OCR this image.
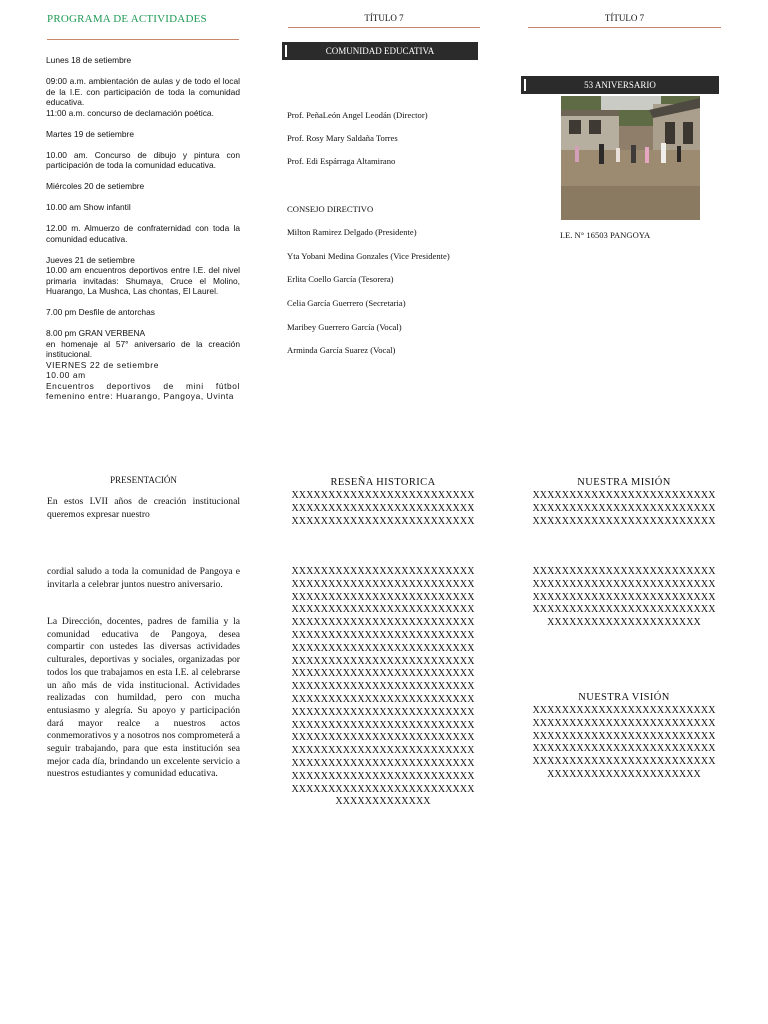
PROGRAMA DE ACTIVIDADES

Lunes 18 de setiembre

09:00 a.m. ambientación de aulas y de todo el local de la I.E. con participación de toda la comunidad educativa.

11:00 a.m. concurso de declamación poética.

Martes 19 de setiembre

10.00 am. Concurso de dibujo y pintura con participación de toda la comunidad educativa.

Miércoles 20 de setiembre

10.00 am Show infantil

12.00 m. Almuerzo de confraternidad con toda la comunidad educativa.

Jueves 21 de setiembre

10.00 am encuentros deportivos entre I.E. del nivel primaria invitadas: Shumaya, Cruce el Molino, Huarango, La Mushca, Las chontas, El Laurel.

7.00 pm Desfile de antorchas

8.00 pm GRAN VERBENA

en homenaje al 57° aniversario de la creación institucional.

VIERNES 22 de setiembre

10.00 am

Encuentros deportivos de mini fútbol femenino entre: Huarango, Pangoya, Uvinta

PRESENTACIÓN
En estos LVII años de creación institucional queremos expresar nuestro
cordial saludo a toda la comunidad de Pangoya e invitarla a celebrar juntos nuestro aniversario.
La Dirección, docentes, padres de familia y la comunidad educativa de Pangoya, desea compartir con ustedes las diversas actividades culturales, deportivas y sociales, organizadas por todos los que trabajamos en esta I.E. al celebrarse un año más de vida institucional. Actividades realizadas con humildad, pero con mucha entusiasmo y alegría. Su apoyo y participación dará mayor realce a nuestros actos conmemorativos y a nosotros nos comprometerá a seguir trabajando, para que esta institución sea mejor cada día, brindando un excelente servicio a nuestros estudiantes y comunidad educativa.
TÍTULO 7
COMUNIDAD EDUCATIVA
Prof. PeñaLeón Angel Leodán (Director)
Prof. Rosy Mary Saldaña Torres
Prof. Edi Espárraga Altamirano
CONSEJO DIRECTIVO
Milton Ramirez Delgado (Presidente)
Yta Yobani Medina Gonzales (Vice Presidente)
Erlita Coello García (Tesorera)
Celia García Guerrero (Secretaria)
Maribey Guerrero García (Vocal)
Arminda García Suarez (Vocal)
RESEÑA HISTORICA
XXXXXXXXXXXXXXXXXXXXXXXXX
XXXXXXXXXXXXXXXXXXXXXXXXX
XXXXXXXXXXXXXXXXXXXXXXXXX
XXXXXXXXXXXXXXXXXXXXXXXXX
XXXXXXXXXXXXXXXXXXXXXXXXX
XXXXXXXXXXXXXXXXXXXXXXXXX
XXXXXXXXXXXXXXXXXXXXXXXXX
XXXXXXXXXXXXXXXXXXXXXXXXX
XXXXXXXXXXXXXXXXXXXXXXXXX
XXXXXXXXXXXXXXXXXXXXXXXXX
XXXXXXXXXXXXXXXXXXXXXXXXX
XXXXXXXXXXXXXXXXXXXXXXXXX
XXXXXXXXXXXXXXXXXXXXXXXXX
XXXXXXXXXXXXXXXXXXXXXXXXX
XXXXXXXXXXXXXXXXXXXXXXXXX
XXXXXXXXXXXXXXXXXXXXXXXXX
XXXXXXXXXXXXXXXXXXXXXXXXX
XXXXXXXXXXXXXXXXXXXXXXXXX
XXXXXXXXXXXXXXXXXXXXXXXXX
XXXXXXXXXXXXXXXXXXXXXXXXX
XXXXXXXXXXXXXXXXXXXXXXXXX
XXXXXXXXXXXXX
TÍTULO 7
53 ANIVERSARIO
I.E. N° 16503 PANGOYA
NUESTRA MISIÓN
XXXXXXXXXXXXXXXXXXXXXXXXX
XXXXXXXXXXXXXXXXXXXXXXXXX
XXXXXXXXXXXXXXXXXXXXXXXXX
XXXXXXXXXXXXXXXXXXXXXXXXX
XXXXXXXXXXXXXXXXXXXXXXXXX
XXXXXXXXXXXXXXXXXXXXXXXXX
XXXXXXXXXXXXXXXXXXXXXXXXX
XXXXXXXXXXXXXXXXXXXXX
NUESTRA VISIÓN
XXXXXXXXXXXXXXXXXXXXXXXXX
XXXXXXXXXXXXXXXXXXXXXXXXX
XXXXXXXXXXXXXXXXXXXXXXXXX
XXXXXXXXXXXXXXXXXXXXXXXXX
XXXXXXXXXXXXXXXXXXXXXXXXX
XXXXXXXXXXXXXXXXXXXXX
